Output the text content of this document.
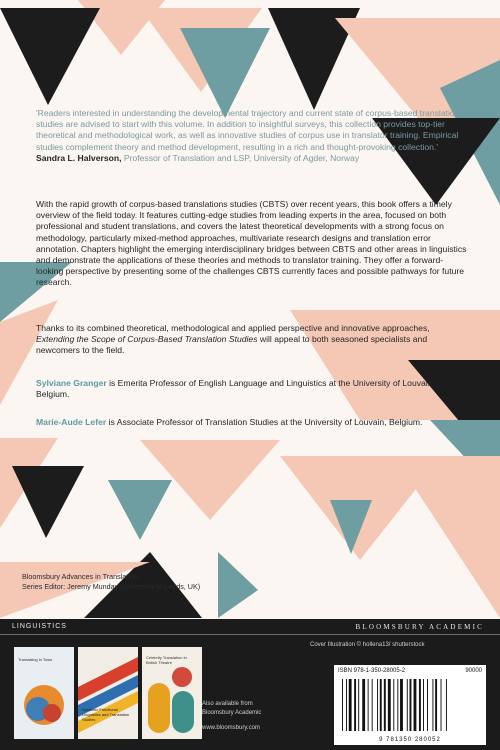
'Readers interested in understanding the developmental trajectory and current state of corpus-based translation studies are advised to start with this volume. In addition to insightful surveys, this collection provides top-tier theoretical and methodological work, as well as innovative studies of corpus use in translator training. Empirical studies complement theory and method development, resulting in a rich and thought-provoking collection.'
Sandra L. Halverson, Professor of Translation and LSP, University of Agder, Norway

With the rapid growth of corpus-based translations studies (CBTS) over recent years, this book offers a timely overview of the field today. It features cutting-edge studies from leading experts in the area, focused on both professional and student translations, and covers the latest theoretical developments with a strong focus on methodology, particularly mixed-method approaches, multivariate research designs and translation error annotation. Chapters highlight the emerging interdisciplinary bridges between CBTS and other areas in linguistics and demonstrate the applications of these theories and methods to translator training. They offer a forward-looking perspective by presenting some of the challenges CBTS currently faces and possible pathways for future research.

Thanks to its combined theoretical, methodological and applied perspective and innovative approaches, Extending the Scope of Corpus-Based Translation Studies will appeal to both seasoned specialists and newcomers to the field.

Sylviane Granger is Emerita Professor of English Language and Linguistics at the University of Louvain, Belgium.

Marie-Aude Lefer is Associate Professor of Translation Studies at the University of Louvain, Belgium.

Bloomsbury Advances in Translation
Series Editor: Jeremy Munday (University of Leeds, UK)
LINGUISTICS	BLOOMSBURY ACADEMIC
Translating in Town
Systemic Functional Linguistics and Translation Studies
Celebrity Translation in British Theatre
Cover Illustration © hollena13/ shutterstock
Also available from
Bloomsbury Academic
www.bloomsbury.com
ISBN 978-1-350-28005-2	90000
9 781350 280052
